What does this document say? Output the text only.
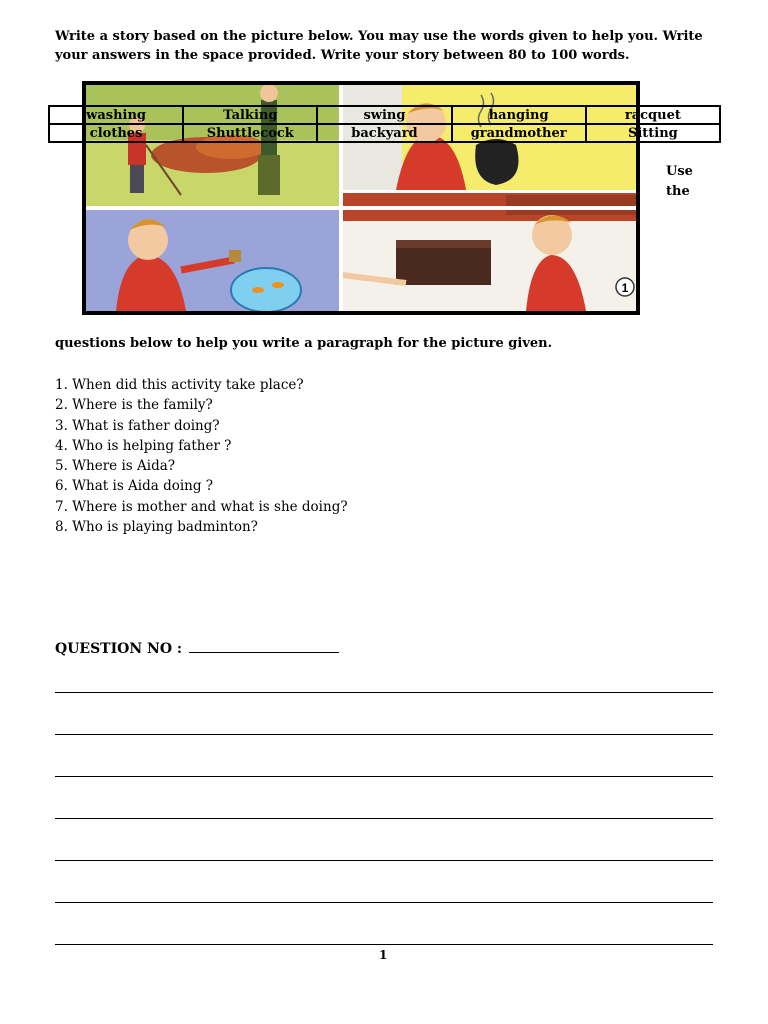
Write a story based on the picture below. You may use the words given to help you. Write your answers in the space provided. Write your story between 80 to 100 words.
1
washing	Talking	swing	hanging	racquet
clothes	Shuttlecock	backyard	grandmother	Sitting
Use
the
questions below to help you write a paragraph for the picture given.
1. When did this activity take place?
2. Where is the family?
3. What is father doing?
4. Who is helping father ?
5. Where is Aida?
6. What is Aida doing ?
7. Where is mother and what is she doing?
8. Who is playing badminton?
QUESTION NO :
1
